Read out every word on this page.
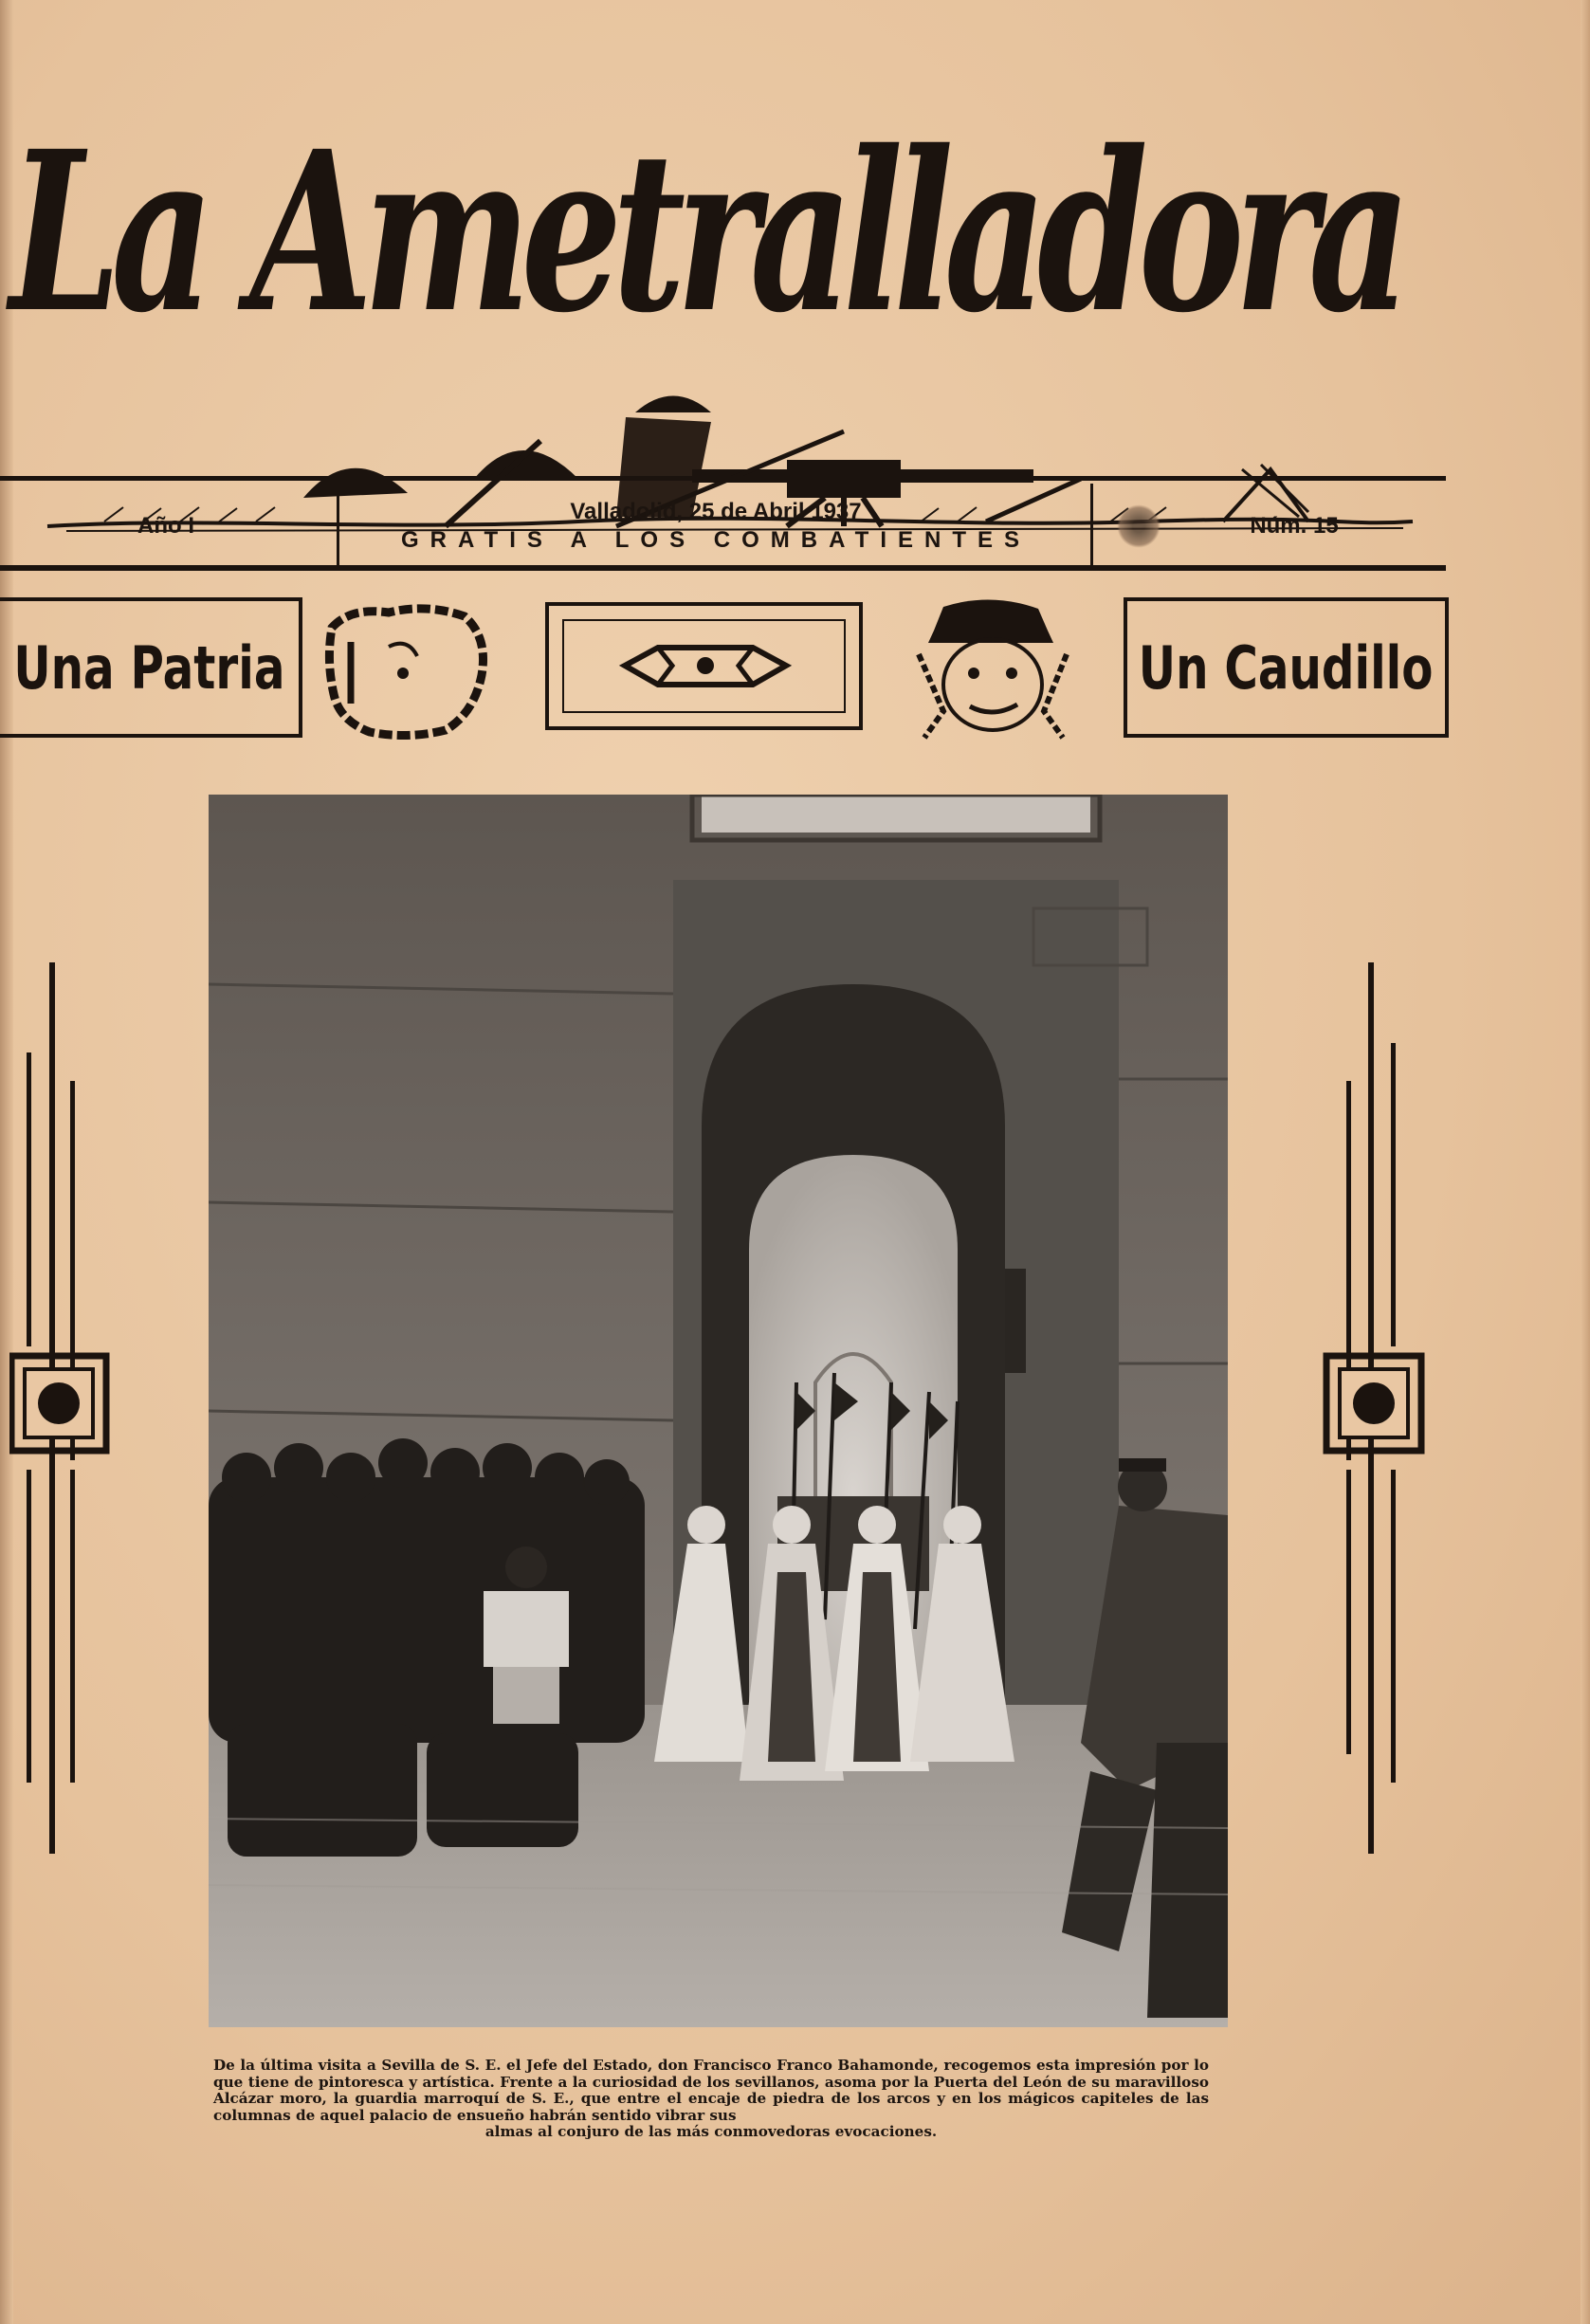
La Ametralladora
Año I
Valladolid, 25 de Abril 1937
GRATIS A LOS COMBATIENTES
Núm. 15
Una Patria	Un Caudillo
De la última visita a Sevilla de S. E. el Jefe del Estado, don Francisco Franco Bahamonde, recogemos esta impresión por lo que tiene de pintoresca y artística. Frente a la curiosidad de los sevillanos, asoma por la Puerta del León de su maravilloso Alcázar moro, la guardia marroquí de S. E., que entre el encaje de piedra de los arcos y en los mágicos capiteles de las columnas de aquel palacio de ensueño habrán sentido vibrar sus
almas al conjuro de las más conmovedoras evocaciones.
